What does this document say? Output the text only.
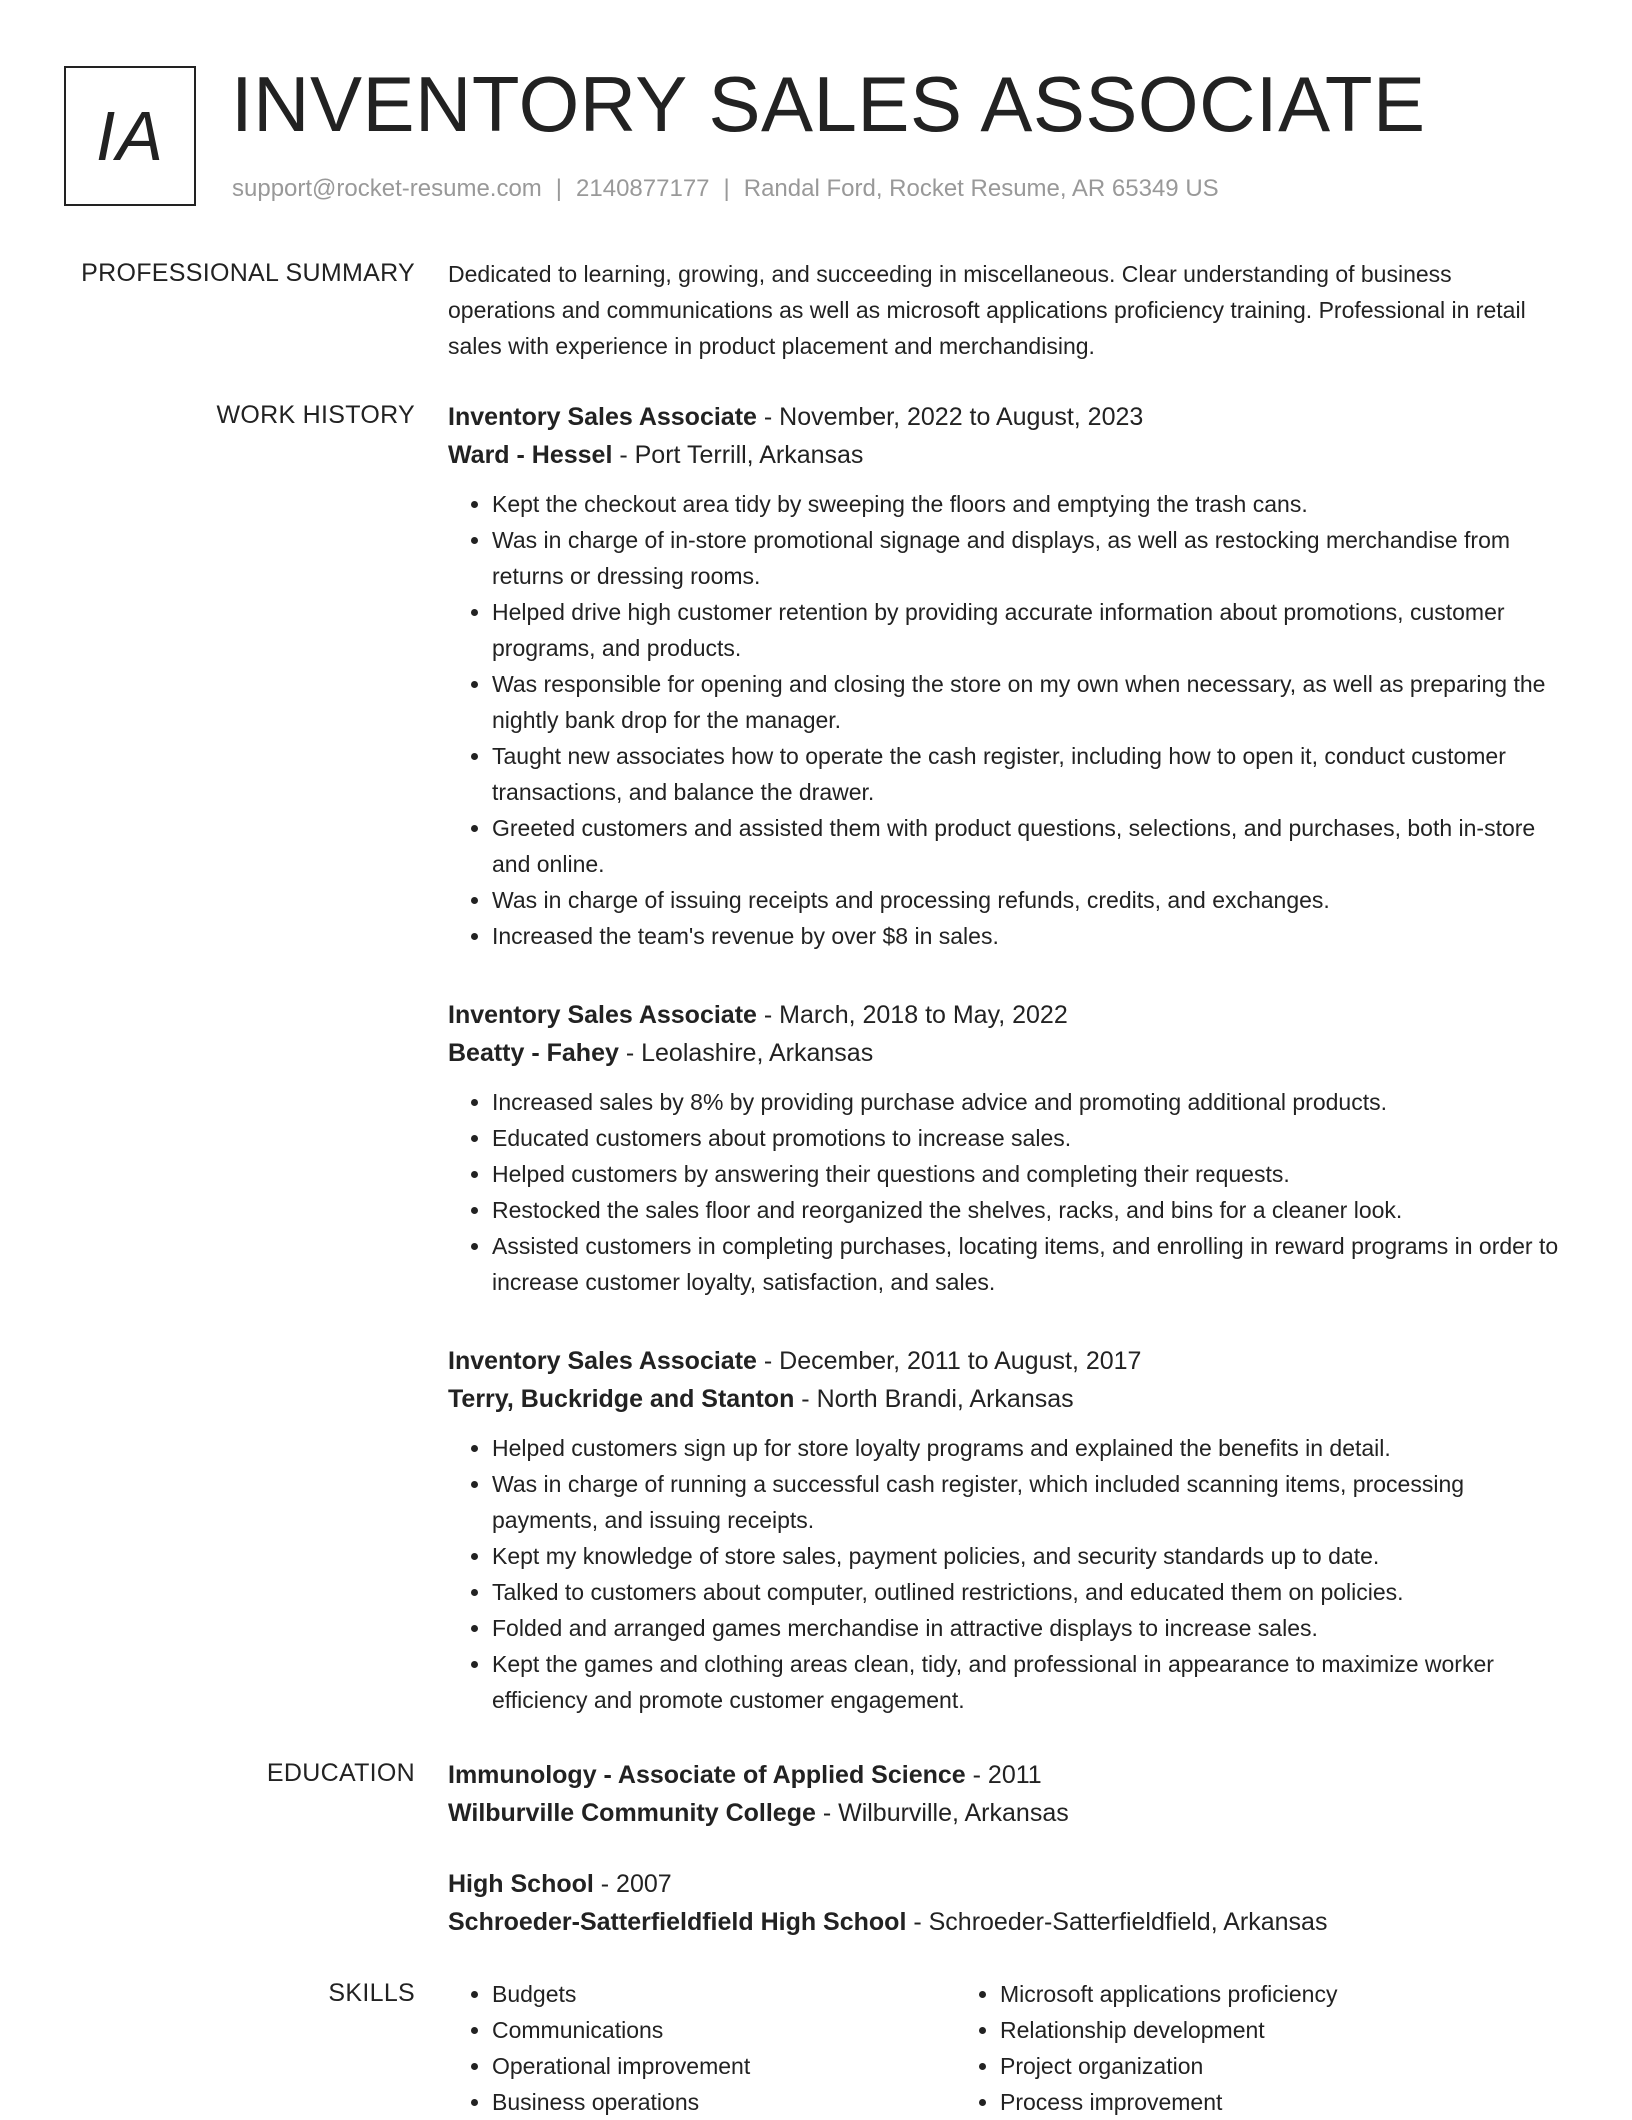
IA INVENTORY SALES ASSOCIATE
support@rocket-resume.com | 2140877177 | Randal Ford, Rocket Resume, AR 65349 US
PROFESSIONAL SUMMARY Dedicated to learning, growing, and succeeding in miscellaneous. Clear understanding of business operations and communications as well as microsoft applications proficiency training. Professional in retail sales with experience in product placement and merchandising.
WORK HISTORY Inventory Sales Associate - November, 2022 to August, 2023
Ward - Hessel - Port Terrill, Arkansas
• Kept the checkout area tidy by sweeping the floors and emptying the trash cans.
• Was in charge of in-store promotional signage and displays, as well as restocking merchandise from returns or dressing rooms.
• Helped drive high customer retention by providing accurate information about promotions, customer programs, and products.
• Was responsible for opening and closing the store on my own when necessary, as well as preparing the nightly bank drop for the manager.
• Taught new associates how to operate the cash register, including how to open it, conduct customer transactions, and balance the drawer.
• Greeted customers and assisted them with product questions, selections, and purchases, both in-store and online.
• Was in charge of issuing receipts and processing refunds, credits, and exchanges.
• Increased the team's revenue by over $8 in sales.
Inventory Sales Associate - March, 2018 to May, 2022
Beatty - Fahey - Leolashire, Arkansas
• Increased sales by 8% by providing purchase advice and promoting additional products.
• Educated customers about promotions to increase sales.
• Helped customers by answering their questions and completing their requests.
• Restocked the sales floor and reorganized the shelves, racks, and bins for a cleaner look.
• Assisted customers in completing purchases, locating items, and enrolling in reward programs in order to increase customer loyalty, satisfaction, and sales.
Inventory Sales Associate - December, 2011 to August, 2017
Terry, Buckridge and Stanton - North Brandi, Arkansas
• Helped customers sign up for store loyalty programs and explained the benefits in detail.
• Was in charge of running a successful cash register, which included scanning items, processing payments, and issuing receipts.
• Kept my knowledge of store sales, payment policies, and security standards up to date.
• Talked to customers about computer, outlined restrictions, and educated them on policies.
• Folded and arranged games merchandise in attractive displays to increase sales.
• Kept the games and clothing areas clean, tidy, and professional in appearance to maximize worker efficiency and promote customer engagement.
EDUCATION Immunology - Associate of Applied Science - 2011
Wilburville Community College - Wilburville, Arkansas
High School - 2007
Schroeder-Satterfieldfield High School - Schroeder-Satterfieldfield, Arkansas
SKILLS
•	Budgets
• Communications
• Operational improvement
• Business operations
• Microsoft applications proficiency
• Relationship development
• Project organization
• Process improvement
